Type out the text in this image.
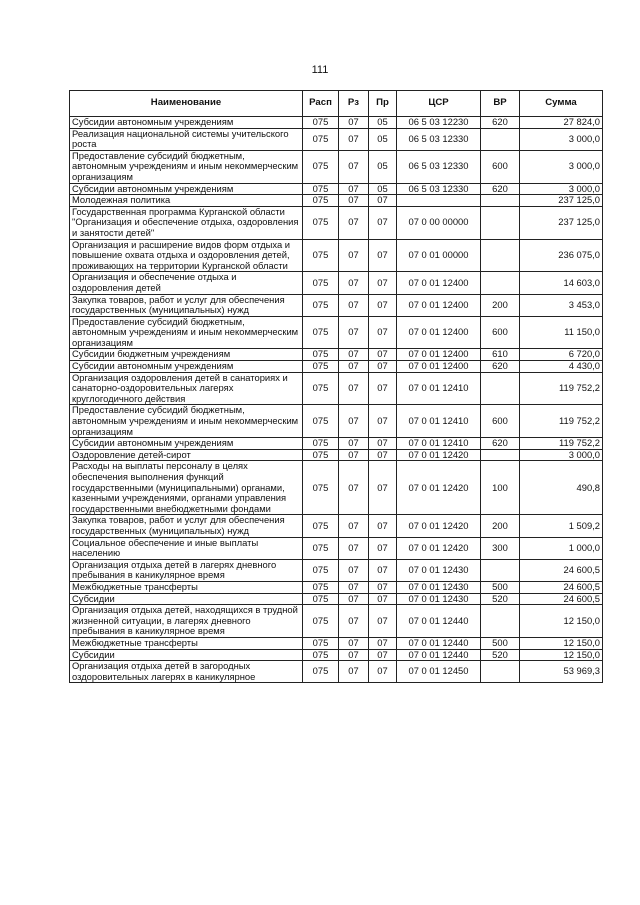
111
Наименование	Расп	Рз	Пр	ЦСР	ВР	Сумма
Субсидии автономным учреждениям	075	07	05	06 5 03 12230	620	27 824,0
Реализация национальной системы учительского роста	075	07	05	06 5 03 12330		3 000,0
Предоставление субсидий бюджетным, автономным учреждениям и иным некоммерческим организациям	075	07	05	06 5 03 12330	600	3 000,0
Субсидии автономным учреждениям	075	07	05	06 5 03 12330	620	3 000,0
Молодежная политика	075	07	07			237 125,0
Государственная программа Курганской области "Организация и обеспечение отдыха, оздоровления и занятости детей"	075	07	07	07 0 00 00000		237 125,0
Организация и расширение видов форм отдыха и повышение охвата отдыха и оздоровления детей, проживающих на территории Курганской области	075	07	07	07 0 01 00000		236 075,0
Организация и обеспечение отдыха и оздоровления детей	075	07	07	07 0 01 12400		14 603,0
Закупка товаров, работ и услуг для обеспечения государственных (муниципальных) нужд	075	07	07	07 0 01 12400	200	3 453,0
Предоставление субсидий бюджетным, автономным учреждениям и иным некоммерческим организациям	075	07	07	07 0 01 12400	600	11 150,0
Субсидии бюджетным учреждениям	075	07	07	07 0 01 12400	610	6 720,0
Субсидии автономным учреждениям	075	07	07	07 0 01 12400	620	4 430,0
Организация оздоровления детей в санаториях и санаторно-оздоровительных лагерях круглогодичного действия	075	07	07	07 0 01 12410		119 752,2
Предоставление субсидий бюджетным, автономным учреждениям и иным некоммерческим организациям	075	07	07	07 0 01 12410	600	119 752,2
Субсидии автономным учреждениям	075	07	07	07 0 01 12410	620	119 752,2
Оздоровление детей-сирот	075	07	07	07 0 01 12420		3 000,0
Расходы на выплаты персоналу в целях обеспечения выполнения функций государственными (муниципальными) органами, казенными учреждениями, органами управления государственными внебюджетными фондами	075	07	07	07 0 01 12420	100	490,8
Закупка товаров, работ и услуг для обеспечения государственных (муниципальных) нужд	075	07	07	07 0 01 12420	200	1 509,2
Социальное обеспечение и иные выплаты населению	075	07	07	07 0 01 12420	300	1 000,0
Организация отдыха детей в лагерях дневного пребывания в каникулярное время	075	07	07	07 0 01 12430		24 600,5
Межбюджетные трансферты	075	07	07	07 0 01 12430	500	24 600,5
Субсидии	075	07	07	07 0 01 12430	520	24 600,5
Организация отдыха детей, находящихся в трудной жизненной ситуации, в лагерях дневного пребывания в каникулярное время	075	07	07	07 0 01 12440		12 150,0
Межбюджетные трансферты	075	07	07	07 0 01 12440	500	12 150,0
Субсидии	075	07	07	07 0 01 12440	520	12 150,0
Организация отдыха детей в загородных оздоровительных лагерях в каникулярное	075	07	07	07 0 01 12450		53 969,3
